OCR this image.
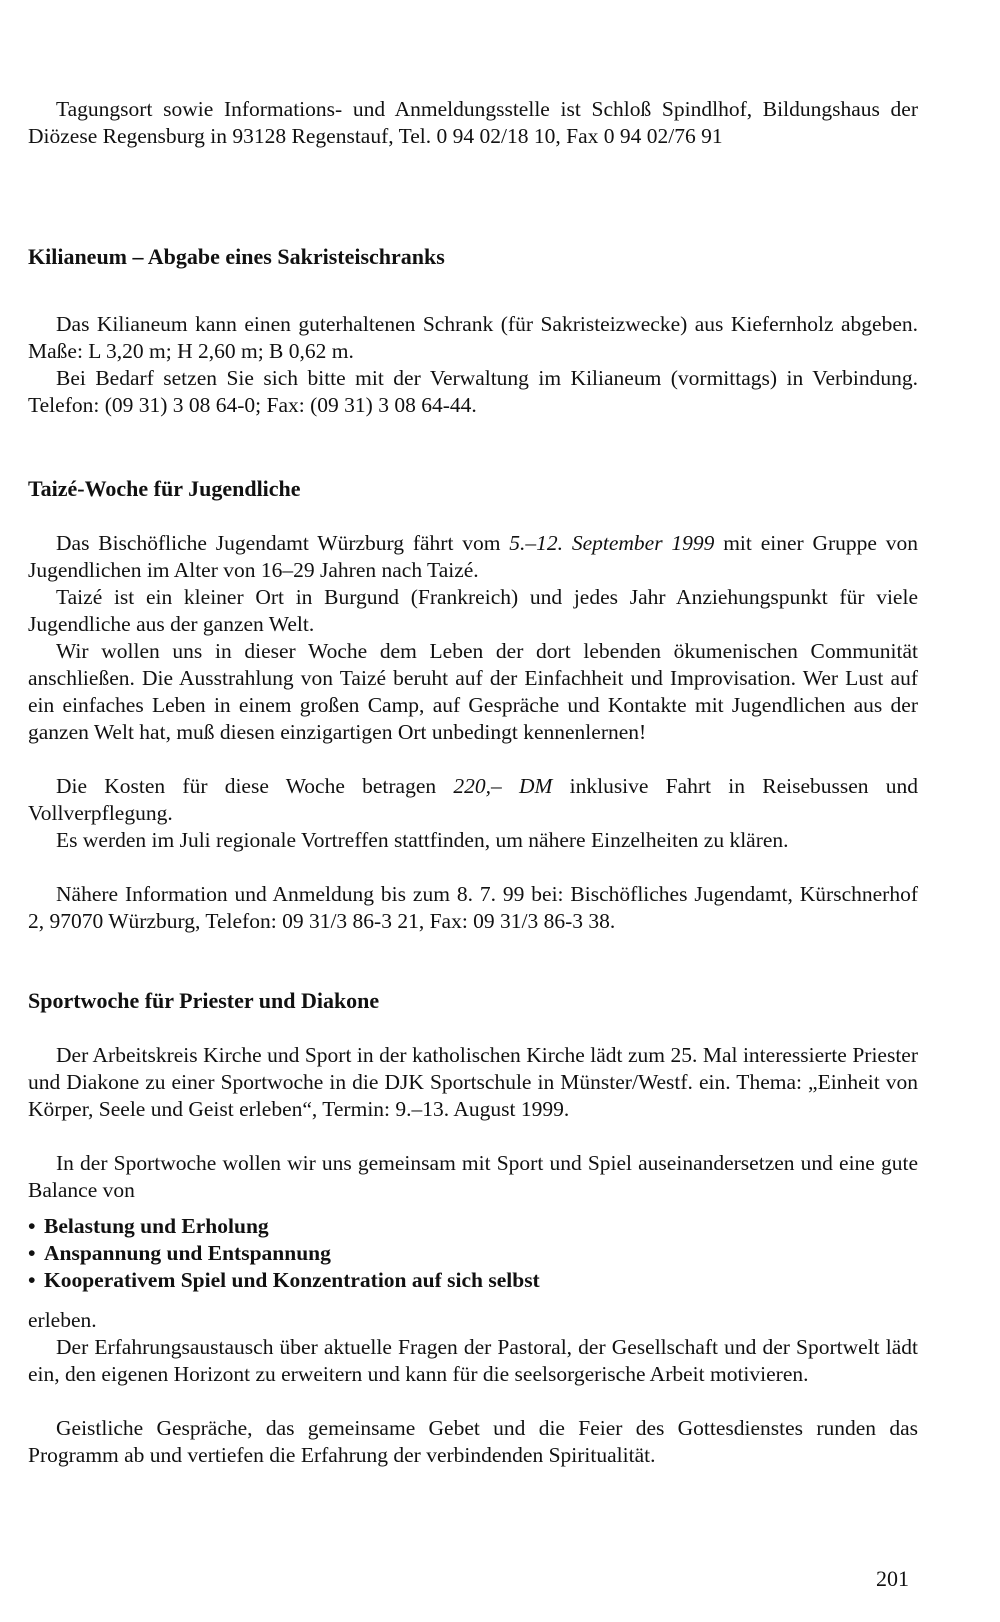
Tagungsort sowie Informations- und Anmeldungsstelle ist Schloß Spindlhof, Bildungshaus der Diözese Regensburg in 93128 Regenstauf, Tel. 0 94 02/18 10, Fax 0 94 02/76 91
Kilianeum – Abgabe eines Sakristeischranks
Das Kilianeum kann einen guterhaltenen Schrank (für Sakristeizwecke) aus Kiefernholz abgeben. Maße: L 3,20 m; H 2,60 m; B 0,62 m.
Bei Bedarf setzen Sie sich bitte mit der Verwaltung im Kilianeum (vormittags) in Verbindung. Telefon: (09 31) 3 08 64-0; Fax: (09 31) 3 08 64-44.
Taizé-Woche für Jugendliche
Das Bischöfliche Jugendamt Würzburg fährt vom 5.–12. September 1999 mit einer Gruppe von Jugendlichen im Alter von 16–29 Jahren nach Taizé.
Taizé ist ein kleiner Ort in Burgund (Frankreich) und jedes Jahr Anziehungspunkt für viele Jugendliche aus der ganzen Welt.
Wir wollen uns in dieser Woche dem Leben der dort lebenden ökumenischen Communität anschließen. Die Ausstrahlung von Taizé beruht auf der Einfachheit und Improvisation. Wer Lust auf ein einfaches Leben in einem großen Camp, auf Gespräche und Kontakte mit Jugendlichen aus der ganzen Welt hat, muß diesen einzigartigen Ort unbedingt kennenlernen!
Die Kosten für diese Woche betragen 220,– DM inklusive Fahrt in Reisebussen und Vollverpflegung.
Es werden im Juli regionale Vortreffen stattfinden, um nähere Einzelheiten zu klären.
Nähere Information und Anmeldung bis zum 8. 7. 99 bei: Bischöfliches Jugendamt, Kürschnerhof 2, 97070 Würzburg, Telefon: 09 31/3 86-3 21, Fax: 09 31/3 86-3 38.
Sportwoche für Priester und Diakone
Der Arbeitskreis Kirche und Sport in der katholischen Kirche lädt zum 25. Mal interessierte Priester und Diakone zu einer Sportwoche in die DJK Sportschule in Münster/Westf. ein. Thema: „Einheit von Körper, Seele und Geist erleben“, Termin: 9.–13. August 1999.
In der Sportwoche wollen wir uns gemeinsam mit Sport und Spiel auseinandersetzen und eine gute Balance von
• Belastung und Erholung
• Anspannung und Entspannung
• Kooperativem Spiel und Konzentration auf sich selbst
erleben.
Der Erfahrungsaustausch über aktuelle Fragen der Pastoral, der Gesellschaft und der Sportwelt lädt ein, den eigenen Horizont zu erweitern und kann für die seelsorgerische Arbeit motivieren.
Geistliche Gespräche, das gemeinsame Gebet und die Feier des Gottesdienstes runden das Programm ab und vertiefen die Erfahrung der verbindenden Spiritualität.
201
